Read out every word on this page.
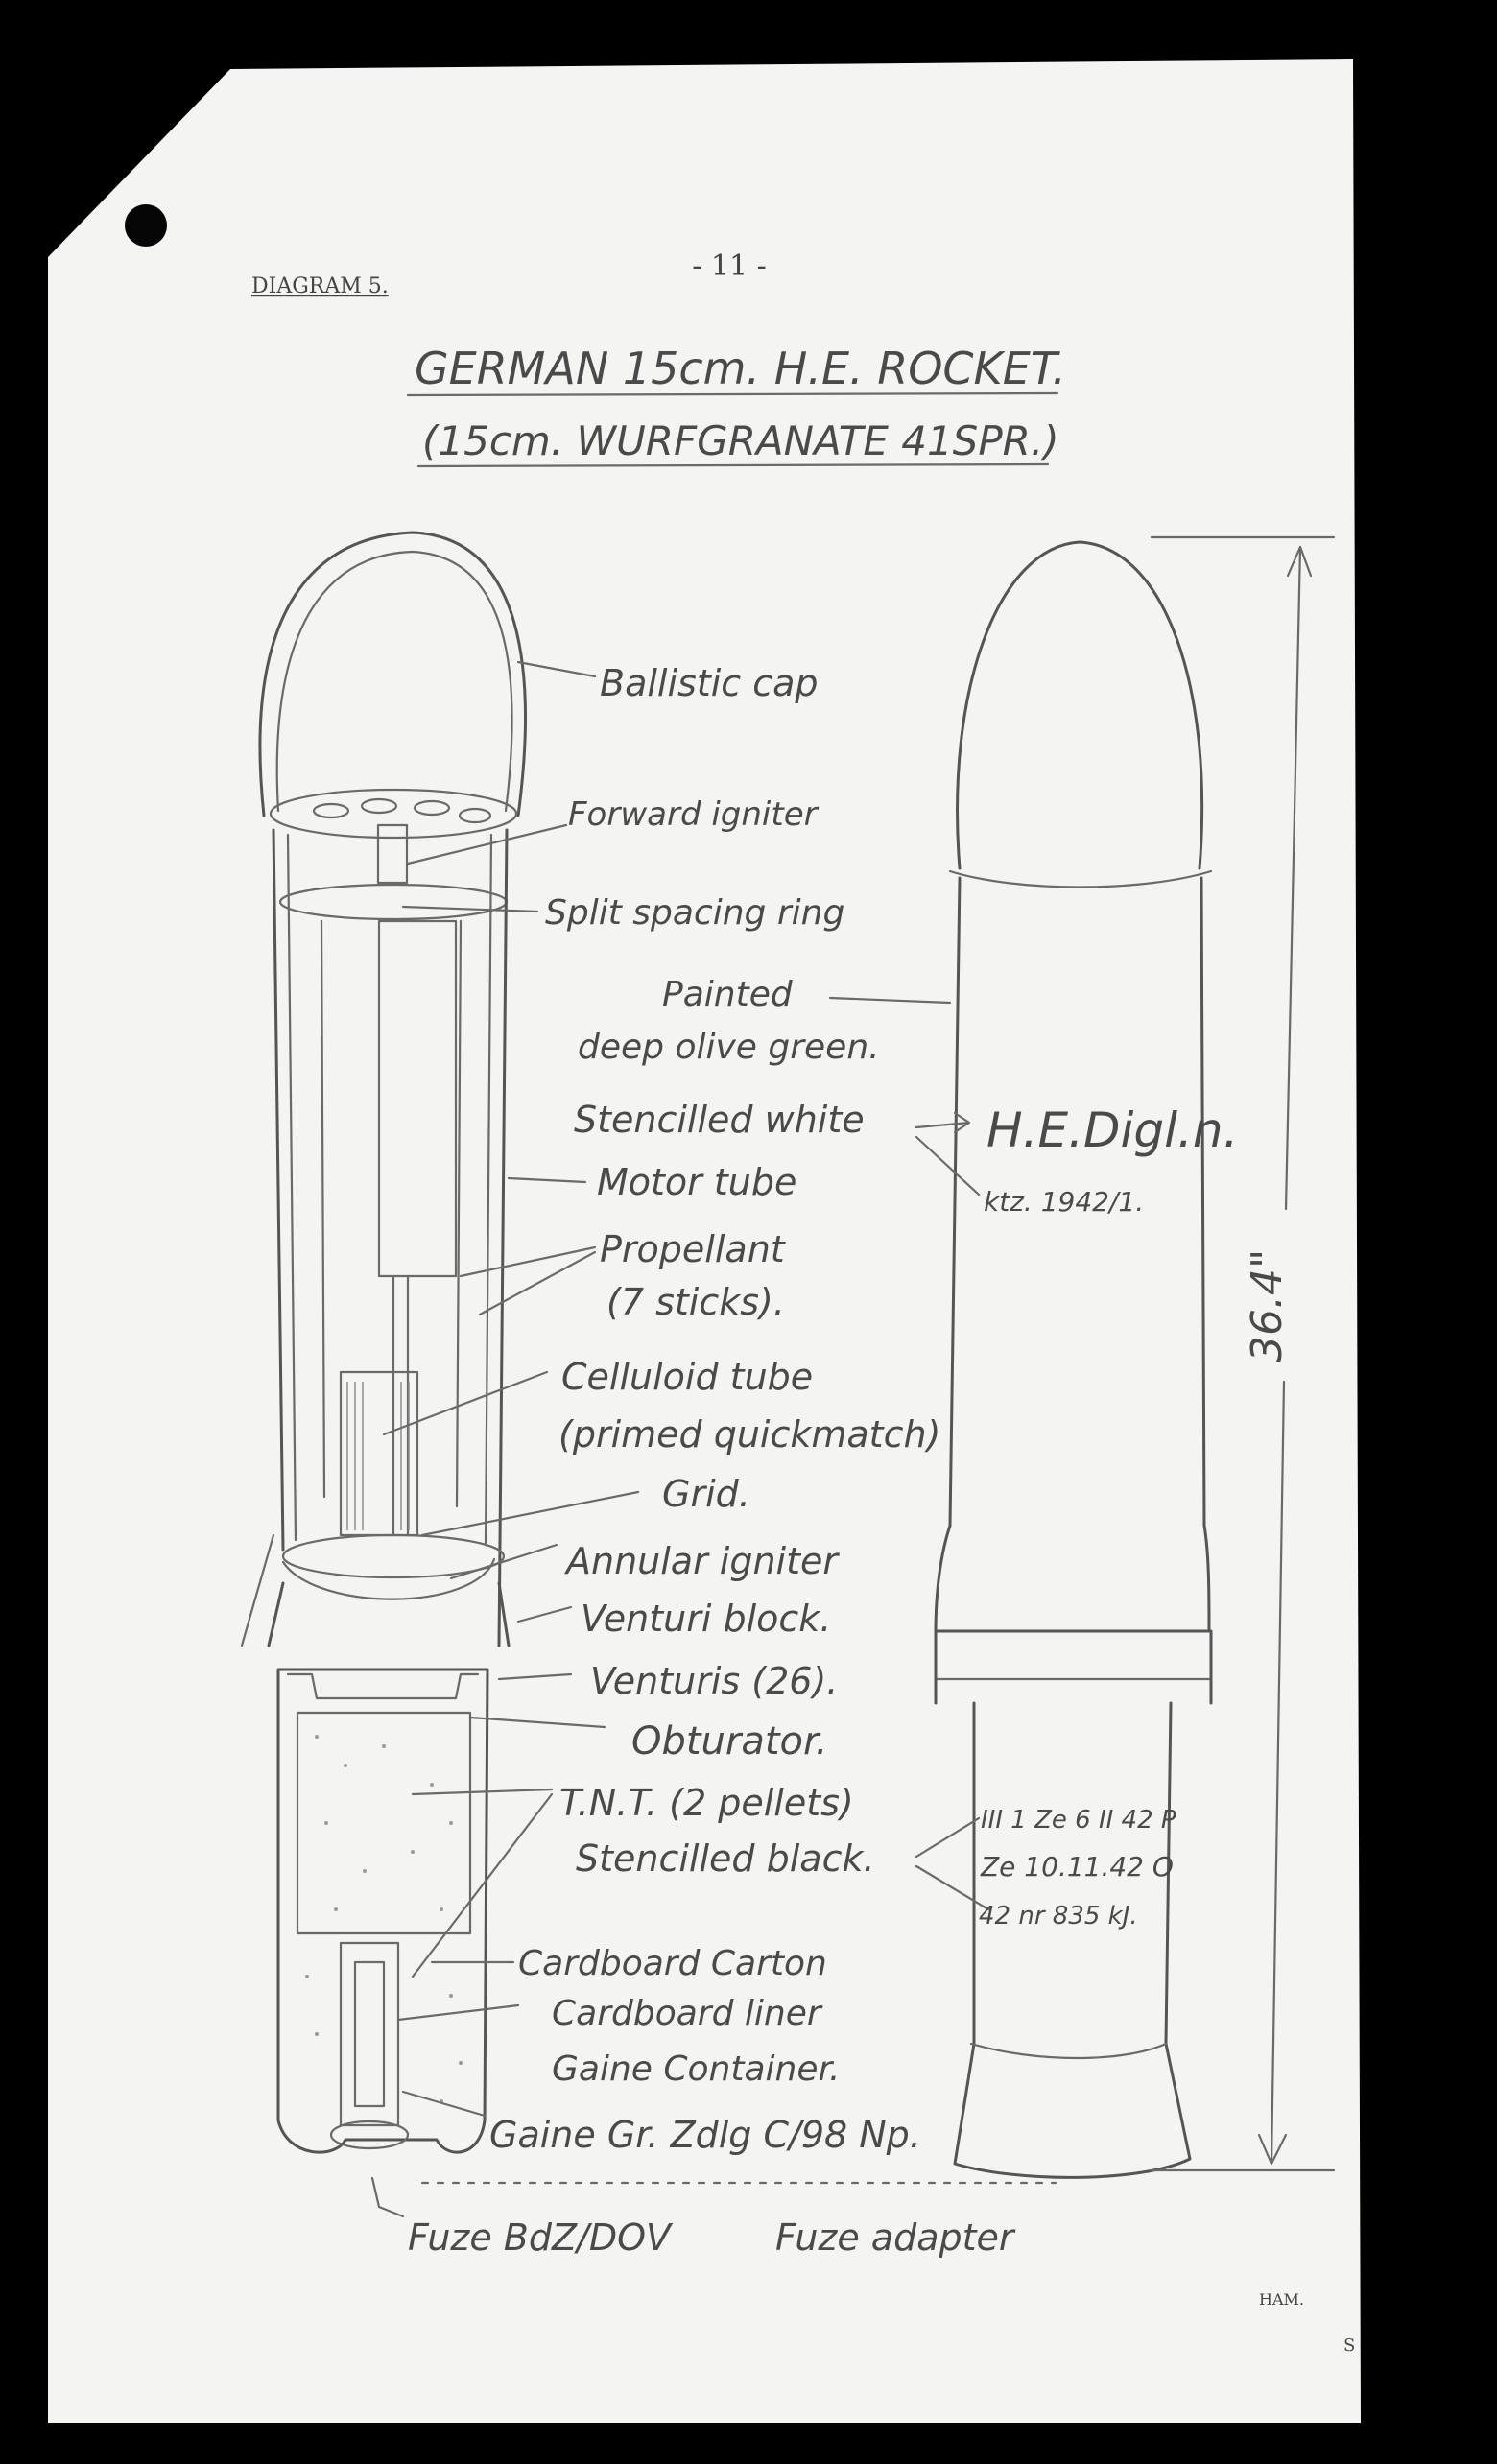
- 11 -
DIAGRAM 5.
GERMAN 15cm. H.E. ROCKET.
(15cm. WURFGRANATE 41SPR.)
36.4"
Ballistic cap
Forward igniter
Split spacing ring
Painted
deep olive green.
Stencilled white
Motor tube
Propellant
(7 sticks).
Celluloid tube
(primed quickmatch)
Grid.
Annular igniter
Venturi block.
Venturis (26).
Obturator.
T.N.T. (2 pellets)
Stencilled black.
Cardboard Carton
Cardboard liner
Gaine Container.
Gaine Gr. Zdlg C/98 Np.
Fuze BdZ/DOV	Fuze adapter
H.E.Digl.n.
ktz. 1942/1.
III 1 Ze 6 II 42 P
Ze 10.11.42 O
42 nr 835 kJ.
HAM.
S
